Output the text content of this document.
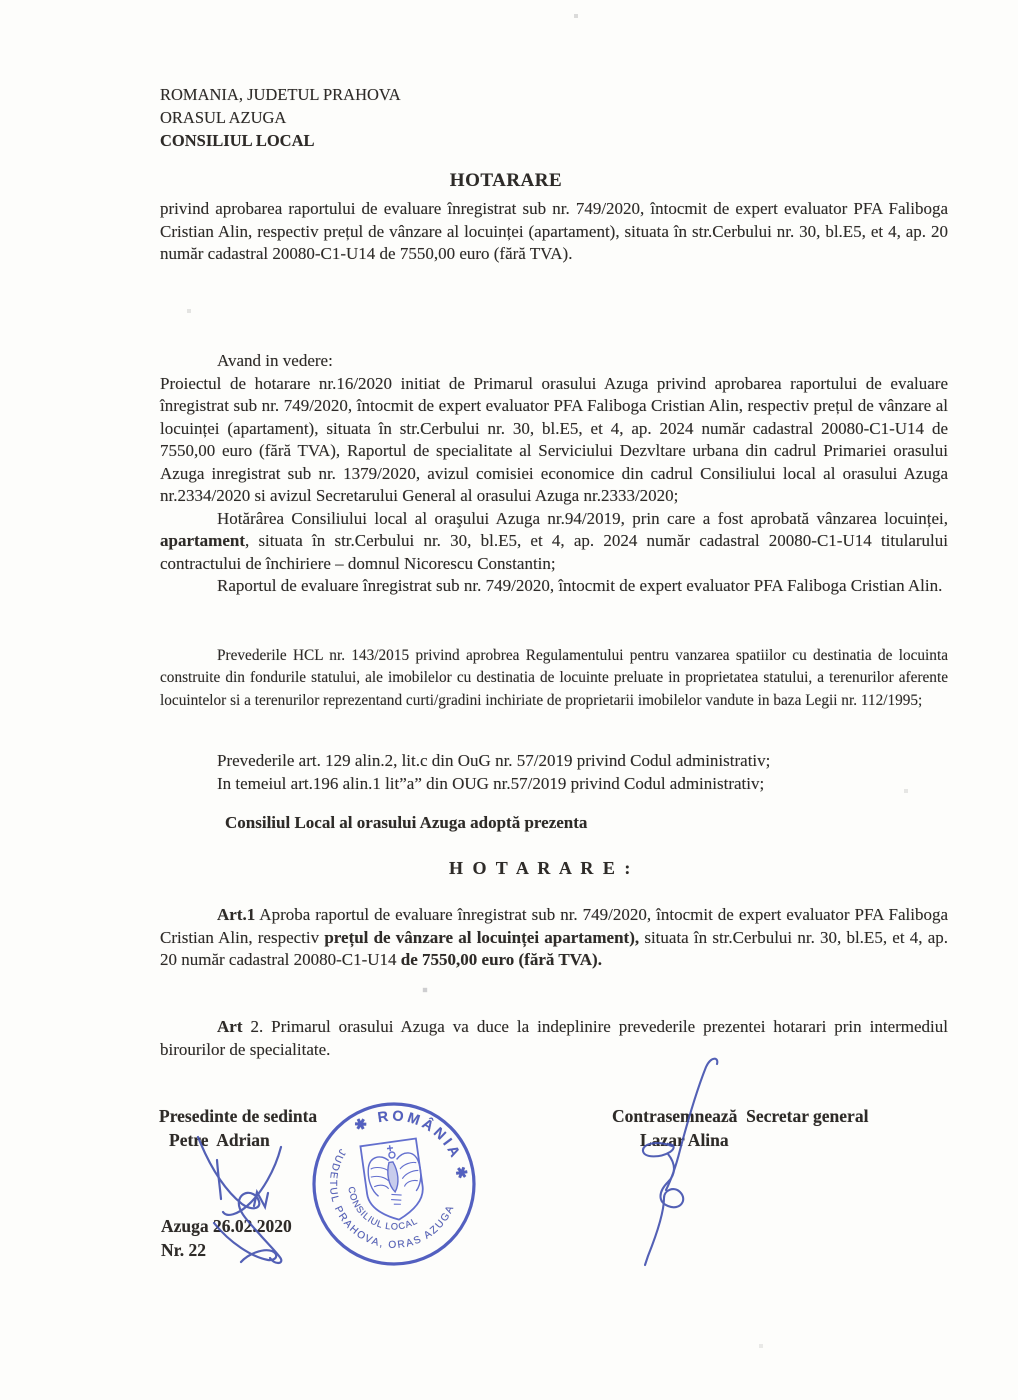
ROMANIA, JUDETUL PRAHOVA
ORASUL AZUGA
CONSILIUL LOCAL
HOTARARE
privind aprobarea raportului de evaluare înregistrat sub nr. 749/2020, întocmit de expert evaluator PFA Faliboga Cristian Alin, respectiv prețul de vânzare al locuinței (apartament), situata în str.Cerbului nr. 30, bl.E5, et 4, ap. 20 număr cadastral 20080-C1-U14 de 7550,00 euro (fără TVA).
Avand in vedere:
Proiectul de hotarare nr.16/2020 initiat de Primarul orasului Azuga privind aprobarea raportului de evaluare înregistrat sub nr. 749/2020, întocmit de expert evaluator PFA Faliboga Cristian Alin, respectiv prețul de vânzare al locuinței (apartament), situata în str.Cerbului nr. 30, bl.E5, et 4, ap. 2024 număr cadastral 20080-C1-U14 de 7550,00 euro (fără TVA), Raportul de specialitate al Serviciului Dezvltare urbana din cadrul Primariei orasului Azuga inregistrat sub nr. 1379/2020, avizul comisiei economice din cadrul Consiliului local al orasului Azuga nr.2334/2020 si avizul Secretarului General al orasului Azuga nr.2333/2020;
Hotărârea Consiliului local al oraşului Azuga nr.94/2019, prin care a fost aprobată vânzarea locuinței, apartament, situata în str.Cerbului nr. 30, bl.E5, et 4, ap. 2024 număr cadastral 20080-C1-U14 titularului contractului de închiriere – domnul Nicorescu Constantin;
Raportul de evaluare înregistrat sub nr. 749/2020, întocmit de expert evaluator PFA Faliboga Cristian Alin.
Prevederile HCL nr. 143/2015 privind aprobrea Regulamentului pentru vanzarea spatiilor cu destinatia de locuinta construite din fondurile statului, ale imobilelor cu destinatia de locuinte preluate in proprietatea statului, a terenurilor aferente locuintelor si a terenurilor reprezentand curti/gradini inchiriate de proprietarii imobilelor vandute in baza Legii nr. 112/1995;
Prevederile art. 129 alin.2, lit.c din OuG nr. 57/2019 privind Codul administrativ;
In temeiul art.196 alin.1 lit”a” din OUG nr.57/2019 privind Codul administrativ;
Consiliul Local al orasului Azuga adoptă prezenta
H O T A R A R E :
Art.1 Aproba raportul de evaluare înregistrat sub nr. 749/2020, întocmit de expert evaluator PFA Faliboga Cristian Alin, respectiv prețul de vânzare al locuinței apartament), situata în str.Cerbului nr. 30, bl.E5, et 4, ap. 20 număr cadastral 20080-C1-U14 de 7550,00 euro (fără TVA).
Art 2. Primarul orasului Azuga va duce la indeplinire prevederile prezentei hotarari prin intermediul birourilor de specialitate.
Presedinte de sedinta
Petre  Adrian
Contrasemnează  Secretar general
Lazar Alina
Azuga 26.02.2020
Nr. 22
✱ ROMÂNIA ✱
JUDETUL PRAHOVA, ORAS AZUGA
CONSILIUL LOCAL
